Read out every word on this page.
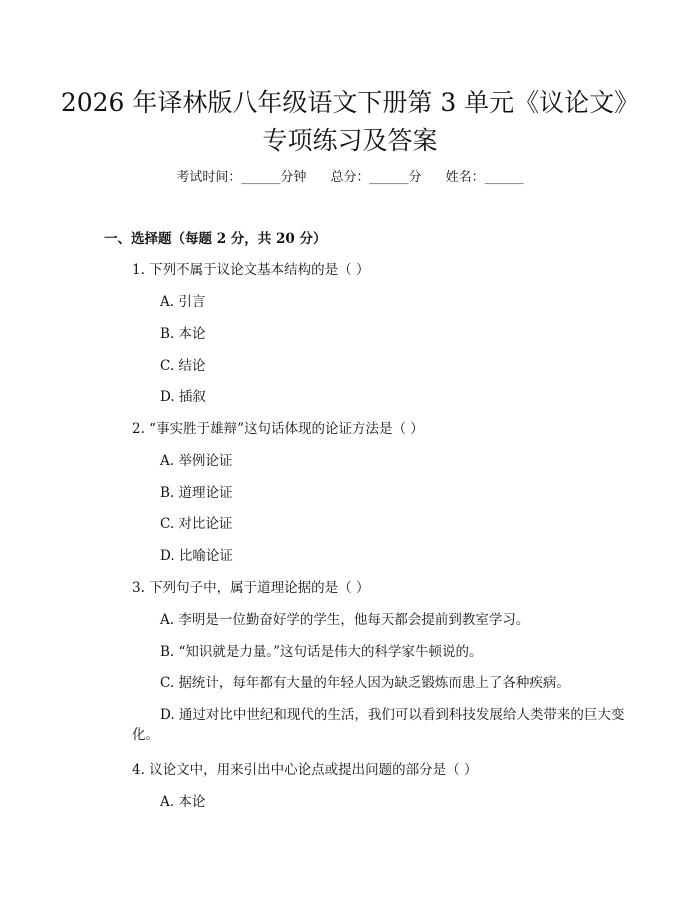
2026 年译林版八年级语文下册第 3 单元《议论文》专项练习及答案
考试时间：______分钟 总分：______分 姓名：______
一、选择题（每题 2 分，共 20 分）
1. 下列不属于议论文基本结构的是（ ）
A. 引言
B. 本论
C. 结论
D. 插叙
2. “事实胜于雄辩”这句话体现的论证方法是（ ）
A. 举例论证
B. 道理论证
C. 对比论证
D. 比喻论证
3. 下列句子中，属于道理论据的是（ ）
A. 李明是一位勤奋好学的学生，他每天都会提前到教室学习。
B. “知识就是力量。”这句话是伟大的科学家牛顿说的。
C. 据统计，每年都有大量的年轻人因为缺乏锻炼而患上了各种疾病。
D. 通过对比中世纪和现代的生活，我们可以看到科技发展给人类带来的巨大变化。
4. 议论文中，用来引出中心论点或提出问题的部分是（ ）
A. 本论
